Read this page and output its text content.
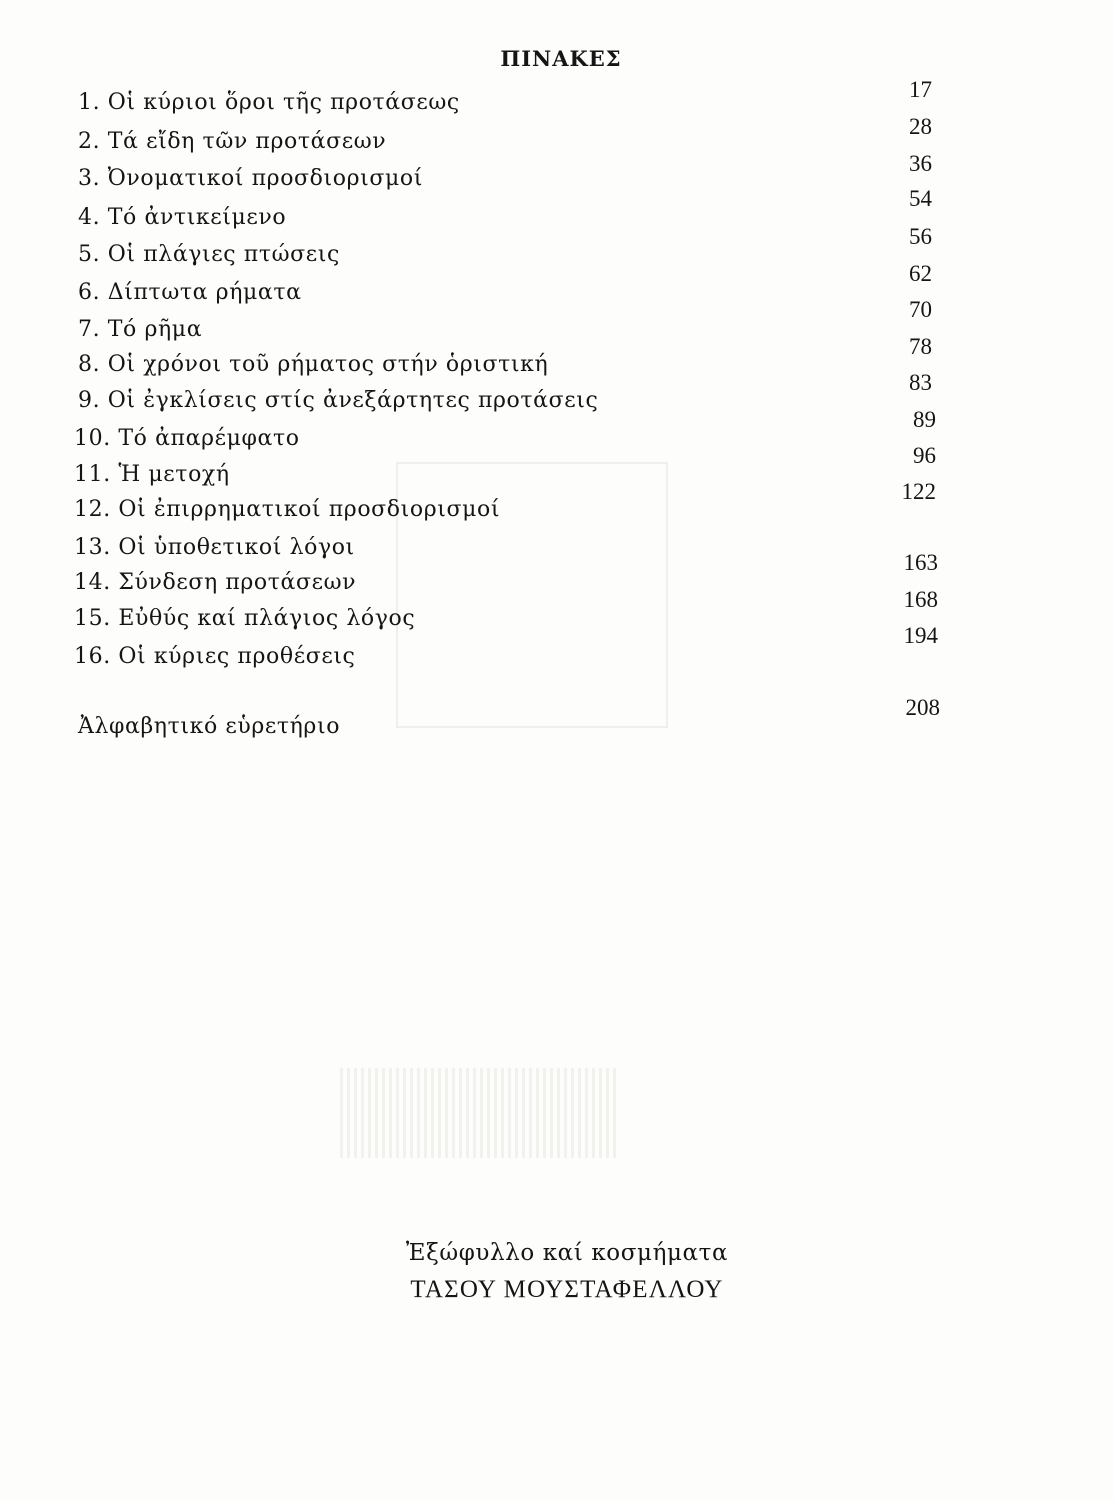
ΠΙΝΑΚΕΣ
1. Οἱ κύριοι ὅροι τῆς προτάσεως
2. Τά εἴδη τῶν προτάσεων
3. Ὀνοματικοί προσδιορισμοί
4. Τό ἀντικείμενο
5. Οἱ πλάγιες πτώσεις
6. Δίπτωτα ρήματα
7. Τό ρῆμα
8. Οἱ χρόνοι τοῦ ρήματος στήν ὁριστική
9. Οἱ ἐγκλίσεις στίς ἀνεξάρτητες προτάσεις
10. Τό ἀπαρέμφατο
11. Ἡ μετοχή
12. Οἱ ἐπιρρηματικοί προσδιορισμοί
13. Οἱ ὑποθετικοί λόγοι
14. Σύνδεση προτάσεων
15. Εὐθύς καί πλάγιος λόγος
16. Οἱ κύριες προθέσεις
Ἀλφαβητικό εὑρετήριο
17
28
36
54
56
62
70
78
83
89
96
122
163
168
194
208
Ἐξώφυλλο καί κοσμήματα
ΤΑΣΟΥ ΜΟΥΣΤΑΦΕΛΛΟΥ
